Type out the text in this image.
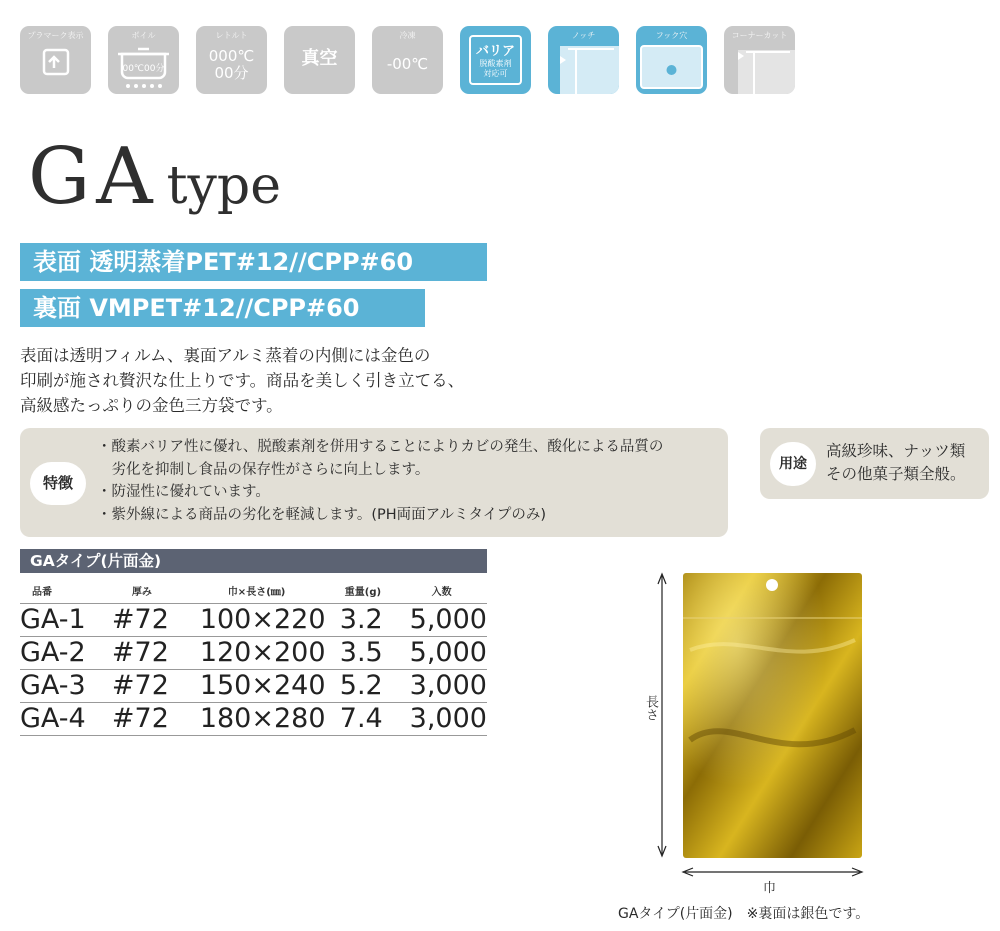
プラマーク表示	ボイル
00℃00分
レトルト
000℃
00分
真空
冷凍
-00℃
バリア
脱酸素剤
対応可
ノッチ	フック穴	コーナーカット
GA type
表面 透明蒸着PET#12//CPP#60
裏面 VMPET#12//CPP#60
表面は透明フィルム、裏面アルミ蒸着の内側には金色の
印刷が施され贅沢な仕上りです。商品を美しく引き立てる、
高級感たっぷりの金色三方袋です。
特徴
・酸素バリア性に優れ、脱酸素剤を併用することによりカビの発生、酸化による品質の
　劣化を抑制し食品の保存性がさらに向上します。
・防湿性に優れています。
・紫外線による商品の劣化を軽減します。(PH両面アルミタイプのみ)
用途
高級珍味、ナッツ類
その他菓子類全般。
GAタイプ(片面金)
品番	厚み	巾×長さ(㎜)	重量(g)	入数
GA-1	#72	100×220	3.2	5,000
GA-2	#72	120×200	3.5	5,000
GA-3	#72	150×240	5.2	3,000
GA-4	#72	180×280	7.4	3,000	長さ
巾
GAタイプ(片面金)　※裏面は銀色です。
